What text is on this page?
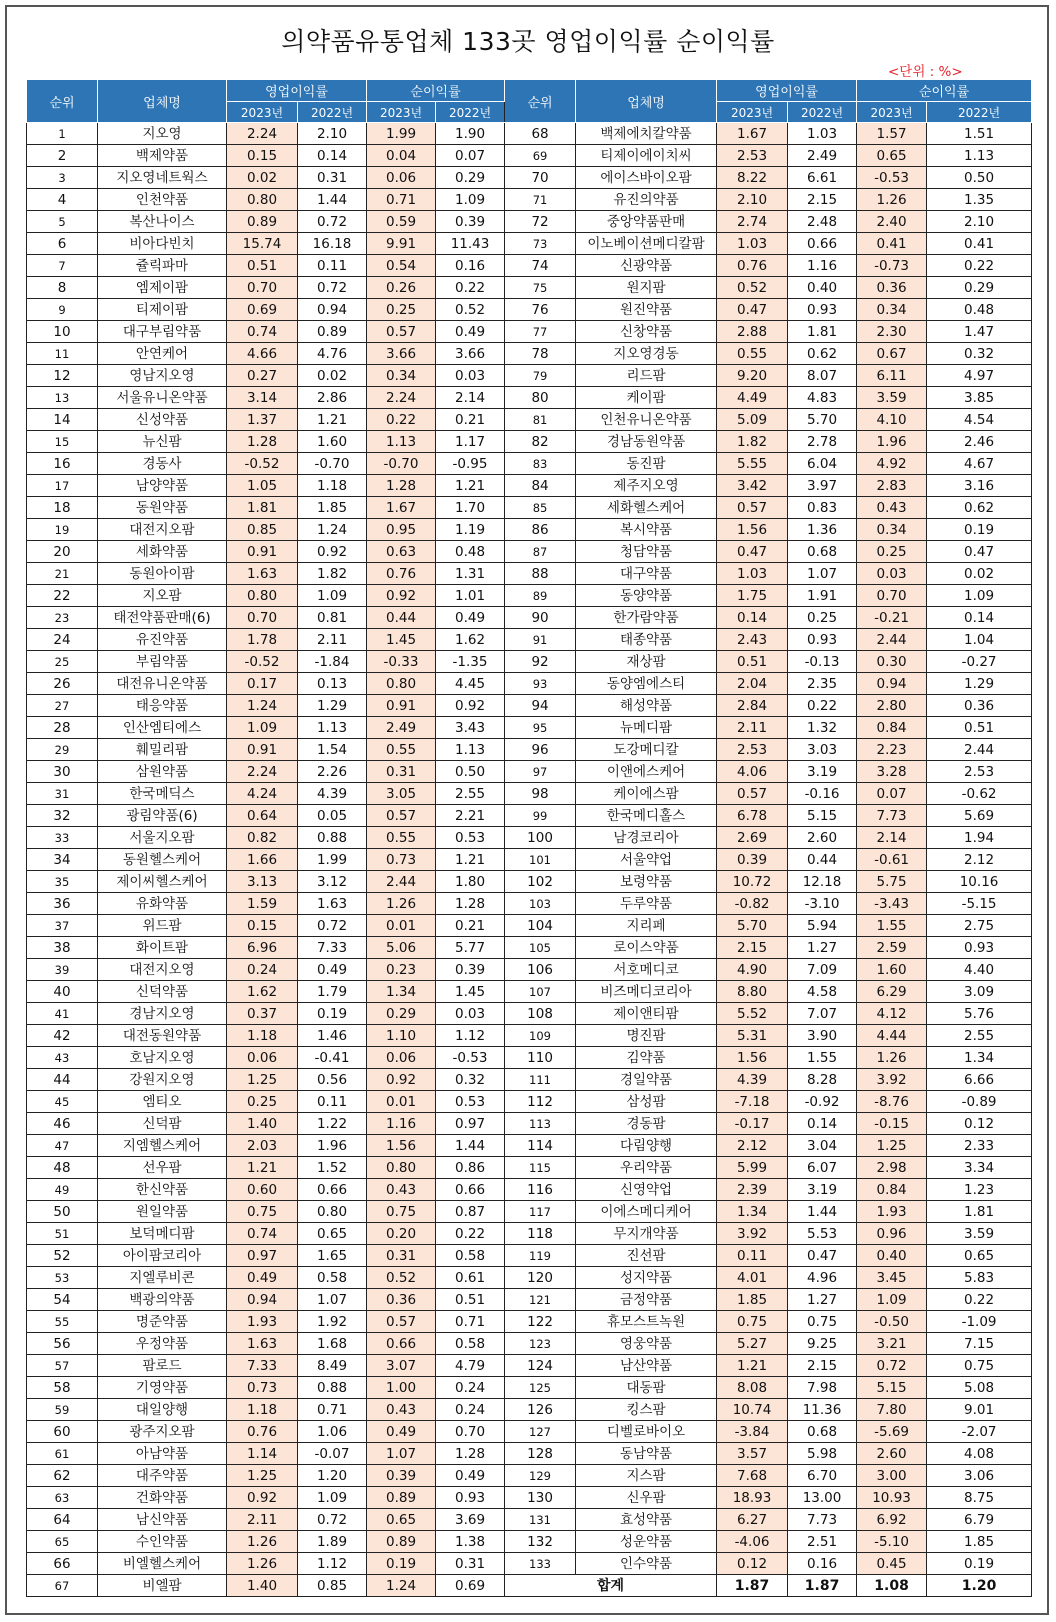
의약품유통업체 133곳 영업이익률 순이익률
<단위 : %>
순위	업체명	영업이익률		순이익률		순위	업체명	영업이익률		순이익률	
		2023년	2022년	2023년	2022년			2023년	2022년	2023년	2022년
1	지오영	2.24	2.10	1.99	1.90	68	백제에치칼약품	1.67	1.03	1.57	1.51
2	백제약품	0.15	0.14	0.04	0.07	69	티제이에이치씨	2.53	2.49	0.65	1.13
3	지오영네트웍스	0.02	0.31	0.06	0.29	70	에이스바이오팜	8.22	6.61	-0.53	0.50
4	인천약품	0.80	1.44	0.71	1.09	71	유진의약품	2.10	2.15	1.26	1.35
5	복산나이스	0.89	0.72	0.59	0.39	72	중앙약품판매	2.74	2.48	2.40	2.10
6	비아다빈치	15.74	16.18	9.91	11.43	73	이노베이션메디칼팜	1.03	0.66	0.41	0.41
7	쥴릭파마	0.51	0.11	0.54	0.16	74	신광약품	0.76	1.16	-0.73	0.22
8	엠제이팜	0.70	0.72	0.26	0.22	75	원지팜	0.52	0.40	0.36	0.29
9	티제이팜	0.69	0.94	0.25	0.52	76	원진약품	0.47	0.93	0.34	0.48
10	대구부림약품	0.74	0.89	0.57	0.49	77	신창약품	2.88	1.81	2.30	1.47
11	안연케어	4.66	4.76	3.66	3.66	78	지오영경동	0.55	0.62	0.67	0.32
12	영남지오영	0.27	0.02	0.34	0.03	79	리드팜	9.20	8.07	6.11	4.97
13	서울유니온약품	3.14	2.86	2.24	2.14	80	케이팜	4.49	4.83	3.59	3.85
14	신성약품	1.37	1.21	0.22	0.21	81	인천유니온약품	5.09	5.70	4.10	4.54
15	뉴신팜	1.28	1.60	1.13	1.17	82	경남동원약품	1.82	2.78	1.96	2.46
16	경동사	-0.52	-0.70	-0.70	-0.95	83	동진팜	5.55	6.04	4.92	4.67
17	남양약품	1.05	1.18	1.28	1.21	84	제주지오영	3.42	3.97	2.83	3.16
18	동원약품	1.81	1.85	1.67	1.70	85	세화헬스케어	0.57	0.83	0.43	0.62
19	대전지오팜	0.85	1.24	0.95	1.19	86	복시약품	1.56	1.36	0.34	0.19
20	세화약품	0.91	0.92	0.63	0.48	87	청담약품	0.47	0.68	0.25	0.47
21	동원아이팜	1.63	1.82	0.76	1.31	88	대구약품	1.03	1.07	0.03	0.02
22	지오팜	0.80	1.09	0.92	1.01	89	동양약품	1.75	1.91	0.70	1.09
23	태전약품판매(6)	0.70	0.81	0.44	0.49	90	한가람약품	0.14	0.25	-0.21	0.14
24	유진약품	1.78	2.11	1.45	1.62	91	태종약품	2.43	0.93	2.44	1.04
25	부림약품	-0.52	-1.84	-0.33	-1.35	92	재상팜	0.51	-0.13	0.30	-0.27
26	대전유니온약품	0.17	0.13	0.80	4.45	93	동양엠에스티	2.04	2.35	0.94	1.29
27	태응약품	1.24	1.29	0.91	0.92	94	해성약품	2.84	0.22	2.80	0.36
28	인산엠티에스	1.09	1.13	2.49	3.43	95	뉴메디팜	2.11	1.32	0.84	0.51
29	훼밀리팜	0.91	1.54	0.55	1.13	96	도강메디칼	2.53	3.03	2.23	2.44
30	삼원약품	2.24	2.26	0.31	0.50	97	이앤에스케어	4.06	3.19	3.28	2.53
31	한국메딕스	4.24	4.39	3.05	2.55	98	케이에스팜	0.57	-0.16	0.07	-0.62
32	광림약품(6)	0.64	0.05	0.57	2.21	99	한국메디홀스	6.78	5.15	7.73	5.69
33	서울지오팜	0.82	0.88	0.55	0.53	100	남경코리아	2.69	2.60	2.14	1.94
34	동원헬스케어	1.66	1.99	0.73	1.21	101	서울약업	0.39	0.44	-0.61	2.12
35	제이씨헬스케어	3.13	3.12	2.44	1.80	102	보령약품	10.72	12.18	5.75	10.16
36	유화약품	1.59	1.63	1.26	1.28	103	두루약품	-0.82	-3.10	-3.43	-5.15
37	위드팜	0.15	0.72	0.01	0.21	104	지리페	5.70	5.94	1.55	2.75
38	화이트팜	6.96	7.33	5.06	5.77	105	로이스약품	2.15	1.27	2.59	0.93
39	대전지오영	0.24	0.49	0.23	0.39	106	서호메디코	4.90	7.09	1.60	4.40
40	신덕약품	1.62	1.79	1.34	1.45	107	비즈메디코리아	8.80	4.58	6.29	3.09
41	경남지오영	0.37	0.19	0.29	0.03	108	제이앤티팜	5.52	7.07	4.12	5.76
42	대전동원약품	1.18	1.46	1.10	1.12	109	명진팜	5.31	3.90	4.44	2.55
43	호남지오영	0.06	-0.41	0.06	-0.53	110	김약품	1.56	1.55	1.26	1.34
44	강원지오영	1.25	0.56	0.92	0.32	111	경일약품	4.39	8.28	3.92	6.66
45	엠티오	0.25	0.11	0.01	0.53	112	삼성팜	-7.18	-0.92	-8.76	-0.89
46	신덕팜	1.40	1.22	1.16	0.97	113	경동팜	-0.17	0.14	-0.15	0.12
47	지엠헬스케어	2.03	1.96	1.56	1.44	114	다림양행	2.12	3.04	1.25	2.33
48	선우팜	1.21	1.52	0.80	0.86	115	우리약품	5.99	6.07	2.98	3.34
49	한신약품	0.60	0.66	0.43	0.66	116	신영약업	2.39	3.19	0.84	1.23
50	원일약품	0.75	0.80	0.75	0.87	117	이에스메디케어	1.34	1.44	1.93	1.81
51	보덕메디팜	0.74	0.65	0.20	0.22	118	무지개약품	3.92	5.53	0.96	3.59
52	아이팜코리아	0.97	1.65	0.31	0.58	119	진선팜	0.11	0.47	0.40	0.65
53	지엘루비콘	0.49	0.58	0.52	0.61	120	성지약품	4.01	4.96	3.45	5.83
54	백광의약품	0.94	1.07	0.36	0.51	121	금정약품	1.85	1.27	1.09	0.22
55	명준약품	1.93	1.92	0.57	0.71	122	휴모스트녹원	0.75	0.75	-0.50	-1.09
56	우정약품	1.63	1.68	0.66	0.58	123	영웅약품	5.27	9.25	3.21	7.15
57	팜로드	7.33	8.49	3.07	4.79	124	남산약품	1.21	2.15	0.72	0.75
58	기영약품	0.73	0.88	1.00	0.24	125	대동팜	8.08	7.98	5.15	5.08
59	대일양행	1.18	0.71	0.43	0.24	126	킹스팜	10.74	11.36	7.80	9.01
60	광주지오팜	0.76	1.06	0.49	0.70	127	디벨로바이오	-3.84	0.68	-5.69	-2.07
61	아남약품	1.14	-0.07	1.07	1.28	128	동남약품	3.57	5.98	2.60	4.08
62	대주약품	1.25	1.20	0.39	0.49	129	지스팜	7.68	6.70	3.00	3.06
63	건화약품	0.92	1.09	0.89	0.93	130	신우팜	18.93	13.00	10.93	8.75
64	남신약품	2.11	0.72	0.65	3.69	131	효성약품	6.27	7.73	6.92	6.79
65	수인약품	1.26	1.89	0.89	1.38	132	성운약품	-4.06	2.51	-5.10	1.85
66	비엘헬스케어	1.26	1.12	0.19	0.31	133	인수약품	0.12	0.16	0.45	0.19
67	비엘팜	1.40	0.85	1.24	0.69	합계		1.87	1.87	1.08	1.20
